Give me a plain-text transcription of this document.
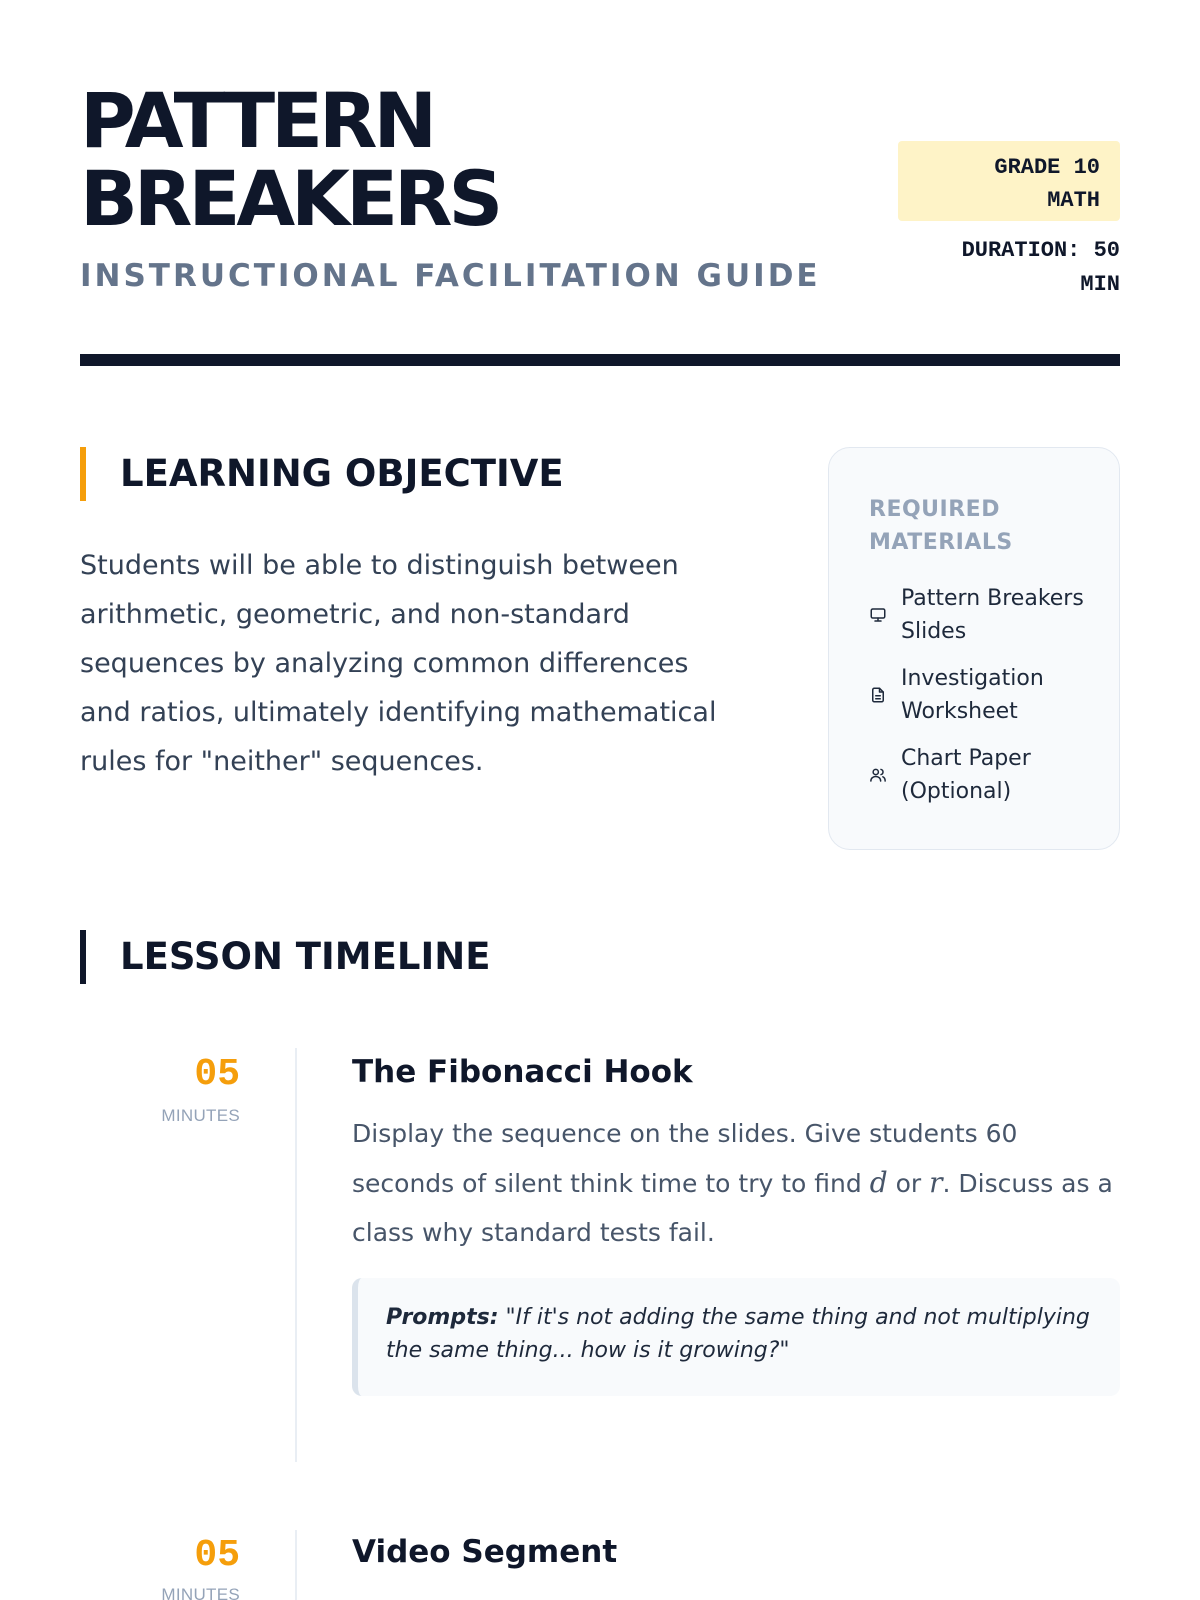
PATTERN BREAKERS
INSTRUCTIONAL FACILITATION GUIDE
GRADE 10
MATH
DURATION: 50 MIN
LEARNING OBJECTIVE

Students will be able to distinguish between arithmetic, geometric, and non-standard sequences by analyzing common differences and ratios, ultimately identifying mathematical rules for "neither" sequences.

REQUIRED MATERIALS
Pattern Breakers Slides
Investigation Worksheet
Chart Paper (Optional)
LESSON TIMELINE
05
MINUTES
The Fibonacci Hook

Display the sequence on the slides. Give students 60 seconds of silent think time to try to find d or r. Discuss as a class why standard tests fail.

Prompts: "If it's not adding the same thing and not multiplying the same thing... how is it growing?"
05
MINUTES
Video Segment
